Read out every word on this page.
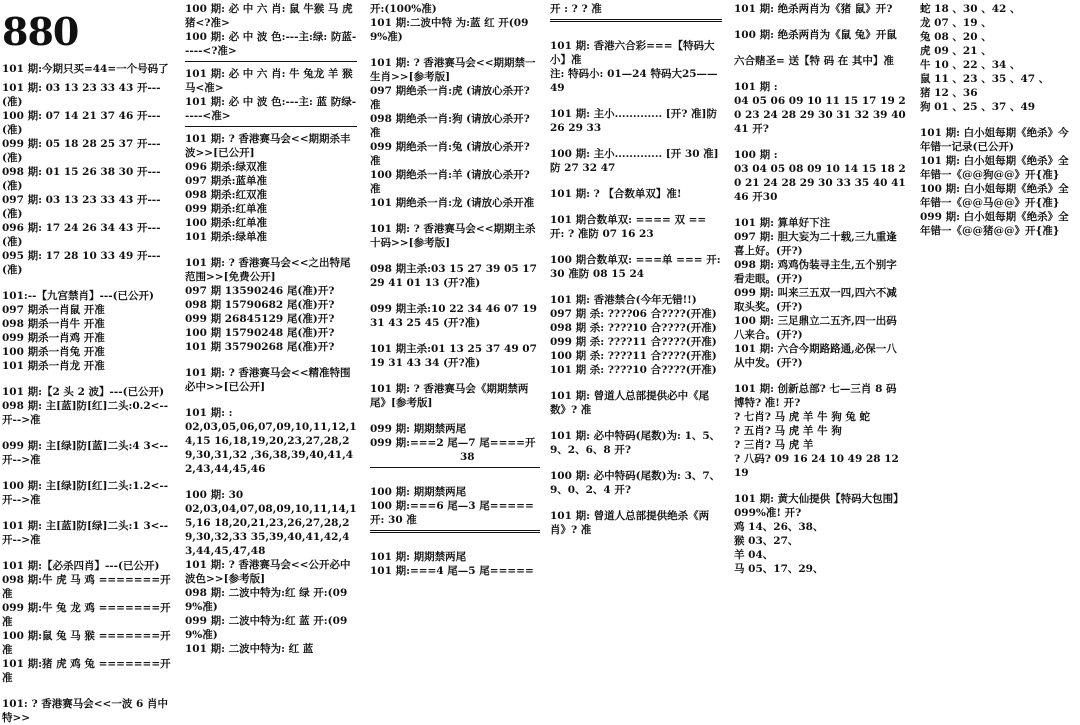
880
101 期:今期只买=44=一个号码了
101 期: 03 13 23 33 43 开---(准)
100 期: 07 14 21 37 46 开---(准)
099 期: 05 18 28 25 37 开---(准)
098 期: 01 15 26 38 30 开---(准)
097 期: 03 13 23 33 43 开---(准)
096 期: 17 24 26 34 43 开---(准)
095 期: 17 28 10 33 49 开---(准)
101:--【九宫禁肖】---(已公开)
097 期杀一肖鼠 开准
098 期杀一肖牛 开准
099 期杀一肖鸡 开准
100 期杀一肖兔 开准
101 期杀一肖龙 开准
101 期:【2 头 2 波】---(已公开)
098 期: 主[蓝]防[红]二头:0.2<--开-->准
099 期: 主[绿]防[蓝]二头:4 3<--开-->准
100 期: 主[绿]防[红]二头:1.2<--开-->准
101 期: 主[蓝]防[绿]二头:1 3<--开-->准
101 期:【必杀四肖】---(已公开)
098 期:牛 虎 马 鸡 =======开准
099 期:牛 兔 龙 鸡 =======开准
100 期:鼠 兔 马 猴 =======开准
101 期:猪 虎 鸡 兔 =======开准
101: ? 香港赛马会<<一波 6 肖中特>>
100 期: 必 中 六 肖: 鼠 牛猴 马 虎 猪<?准>
100 期: 必 中 波 色:---主:绿: 防蓝-----<?准>
101 期: 必 中 六 肖: 牛 兔龙 羊 猴 马<准>
101 期: 必 中 波 色:---主: 蓝 防绿-----<准>
101 期: ? 香港赛马会<<期期杀丰波>>[已公开]
096 期杀:绿双准
097 期杀:蓝单准
098 期杀:红双准
099 期杀:红单准
100 期杀:红单准
101 期杀:绿单准
101 期: ? 香港赛马会<<之出特尾范围>>[免费公开]
097 期 13590246 尾(准)开?
098 期 15790682 尾(准)开?
099 期 26845129 尾(准)开?
100 期 15790248 尾(准)开?
101 期 35790268 尾(准)开?
101 期: ? 香港赛马会<<精准特围必中>>[已公开]
101 期: :
02,03,05,06,07,09,10,11,12,14,15 16,18,19,20,23,27,28,29,30,31,32 ,36,38,39,40,41,42,43,44,45,46
100 期: 30
02,03,04,07,08,09,10,11,14,15,16 18,20,21,23,26,27,28,29,30,32,33 35,39,40,41,42,43,44,45,47,48
101 期: ? 香港赛马会<<公开必中波色>>[参考版]
098 期: 二波中特为:红 绿 开:(099%准)
099 期: 二波中特为:红 蓝 开:(099%准)
101 期: 二波中特为: 红 蓝
开:(100%准)
101 期:二波中特 为:蓝 红 开(099%准)
101 期: ? 香港赛马会<<期期禁一生肖>>[参考版]
097 期绝杀一肖:虎 (请放心杀开? 准
098 期绝杀一肖:狗 (请放心杀开? 准
099 期绝杀一肖:兔 (请放心杀开? 准
100 期绝杀一肖:羊 (请放心杀开? 准
101 期绝杀一肖:龙 (请放心杀开准
101 期: ? 香港赛马会<<期期主杀十码>>[参考版]
098 期主杀:03 15 27 39 05 17 29 41 01 13 (开?准)
099 期主杀:10 22 34 46 07 19 31 43 25 45 (开?准)
101 期主杀:01 13 25 37 49 07 19 31 43 34 (开?准)
101 期: ? 香港赛马会《期期禁两尾》[参考版]
099 期: 期期禁两尾
099 期:===2 尾—7 尾====开
38
100 期: 期期禁两尾
100 期:===6 尾—3 尾=====
开: 30 准
101 期: 期期禁两尾
101 期:===4 尾—5 尾=====
开 : ? ? 准
101 期: 香港六合彩===【特码大小】准
注: 特码小: 01—24 特码大25——49
101 期: 主小............. [开? 准]防 26 29 33
100 期: 主小............. [开 30 准] 防 27 32 47
101 期: ? 【合数单双】准!
101 期合数单双: ==== 双 == 开: ? 准防 07 16 23
100 期合数单双: ===单 === 开: 30 准防 08 15 24
101 期: 香港禁合(今年无错!!)
097 期 杀: ????06 合????(开准)
098 期 杀: ????10 合????(开准)
099 期 杀: ????11 合????(开准)
100 期 杀: ????11 合????(开准)
101 期 杀: ????10 合????(开准)
101 期: 曾道人总部提供必中《尾数》? 准
101 期: 必中特码(尾数)为: 1、5、9、2、6、8 开?
100 期: 必中特码(尾数)为: 3、7、9、0、2、4 开?
101 期: 曾道人总部提供绝杀《两肖》? 准
101 期: 绝杀两肖为《猪 鼠》开?
100 期: 绝杀两肖为《鼠 兔》开鼠
六合赌圣= 送【特 码 在 其中】准
101 期 :
04 05 06 09 10 11 15 17 19 20 23 24 28 29 30 31 32 39 40 41 开?
100 期 :
03 04 05 08 09 10 14 15 18 20 21 24 28 29 30 33 35 40 41 46 开30
101 期: 算单好下注
097 期: 胆大妄为二十载,三九重逢喜上好。(开?)
098 期: 鸡鸡伪装寻主生,五个别字看走眼。(开?)
099 期: 叫来三五双一四,四六不减取头奖。(开?)
100 期: 三足鼎立二五齐,四一出码八来合。(开?)
101 期: 六合今期路路通,必保一八从中发。(开?)
101 期: 创新总部? 七—三肖 8 码博特? 准! 开?
? 七肖? 马 虎 羊 牛 狗 兔 蛇
? 五肖? 马 虎 羊 牛 狗
? 三肖? 马 虎 羊
? 八码? 09 16 24 10 49 28 12 19
101 期: 黄大仙提供【特码大包围】099%准! 开?
鸡 14、26、38、
猴 03、27、
羊 04、
马 05、17、29、
蛇 18 、30 、42 、
龙 07 、19 、
兔 08 、20 、
虎 09 、21 、
牛 10 、22 、34 、
鼠 11 、23 、35 、47 、
猪 12 、36
狗 01 、25 、37 、49
101 期: 白小姐每期《绝杀》今年错一记录(已公开)
101 期: 白小姐每期《绝杀》全年错一《@@狗@@》开{准}
100 期: 白小姐每期《绝杀》全年错一《@@马@@》开{准}
099 期: 白小姐每期《绝杀》全年错一《@@猪@@》开{准}
